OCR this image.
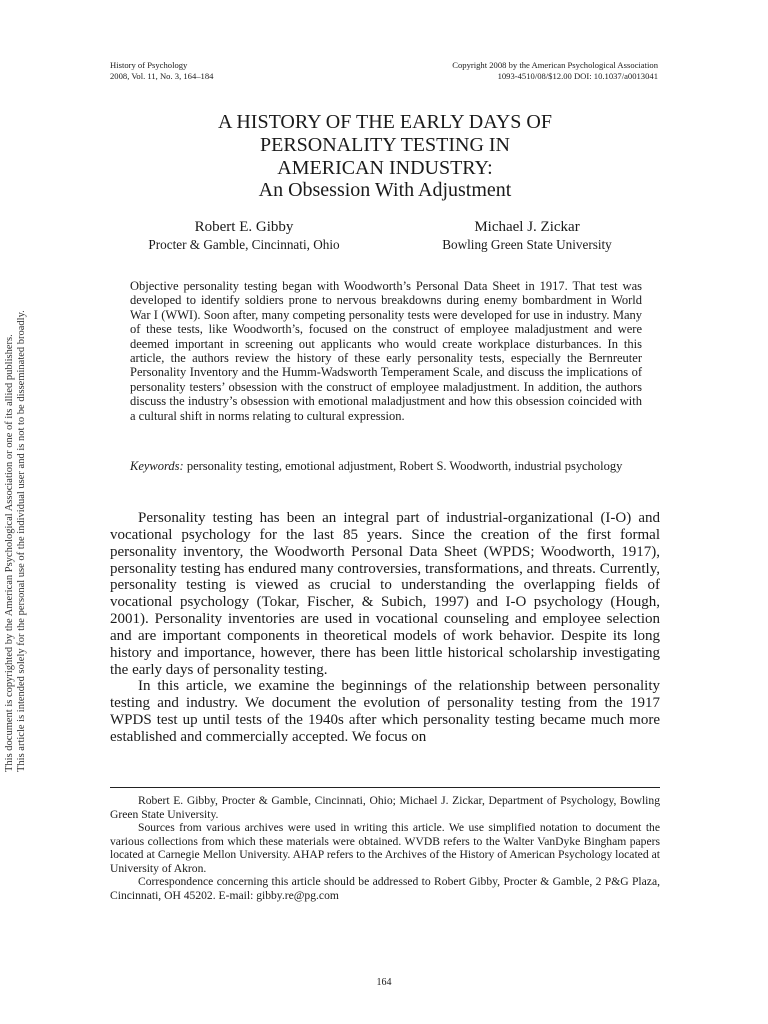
History of Psychology
2008, Vol. 11, No. 3, 164–184
Copyright 2008 by the American Psychological Association
1093-4510/08/$12.00 DOI: 10.1037/a0013041
A HISTORY OF THE EARLY DAYS OF
PERSONALITY TESTING IN
AMERICAN INDUSTRY:
An Obsession With Adjustment
Robert E. Gibby
Procter & Gamble, Cincinnati, Ohio
Michael J. Zickar
Bowling Green State University

Objective personality testing began with Woodworth’s Personal Data Sheet in 1917. That test was developed to identify soldiers prone to nervous breakdowns during enemy bombardment in World War I (WWI). Soon after, many competing personality tests were developed for use in industry. Many of these tests, like Woodworth’s, focused on the construct of employee maladjustment and were deemed important in screening out applicants who would create workplace disturbances. In this article, the authors review the history of these early personality tests, especially the Bernreuter Personality Inventory and the Humm-Wadsworth Temperament Scale, and discuss the implications of personality testers’ obsession with the construct of employee maladjustment. In addition, the authors discuss the industry’s obsession with emotional maladjustment and how this obsession coincided with a cultural shift in norms relating to cultural expression.

Keywords: personality testing, emotional adjustment, Robert S. Woodworth, industrial psychology

Personality testing has been an integral part of industrial-organizational (I-O) and vocational psychology for the last 85 years. Since the creation of the first formal personality inventory, the Woodworth Personal Data Sheet (WPDS; Woodworth, 1917), personality testing has endured many controversies, transformations, and threats. Currently, personality testing is viewed as crucial to understanding the overlapping fields of vocational psychology (Tokar, Fischer, & Subich, 1997) and I-O psychology (Hough, 2001). Personality inventories are used in vocational counseling and employee selection and are important components in theoretical models of work behavior. Despite its long history and importance, however, there has been little historical scholarship investigating the early days of personality testing.

In this article, we examine the beginnings of the relationship between personality testing and industry. We document the evolution of personality testing from the 1917 WPDS test up until tests of the 1940s after which personality testing became much more established and commercially accepted. We focus on

Robert E. Gibby, Procter & Gamble, Cincinnati, Ohio; Michael J. Zickar, Department of Psychology, Bowling Green State University.

Sources from various archives were used in writing this article. We use simplified notation to document the various collections from which these materials were obtained. WVDB refers to the Walter VanDyke Bingham papers located at Carnegie Mellon University. AHAP refers to the Archives of the History of American Psychology located at University of Akron.

Correspondence concerning this article should be addressed to Robert Gibby, Procter & Gamble, 2 P&G Plaza, Cincinnati, OH 45202. E-mail: gibby.re@pg.com

164
This document is copyrighted by the American Psychological Association or one of its allied publishers. This article is intended solely for the personal use of the individual user and is not to be disseminated broadly.
